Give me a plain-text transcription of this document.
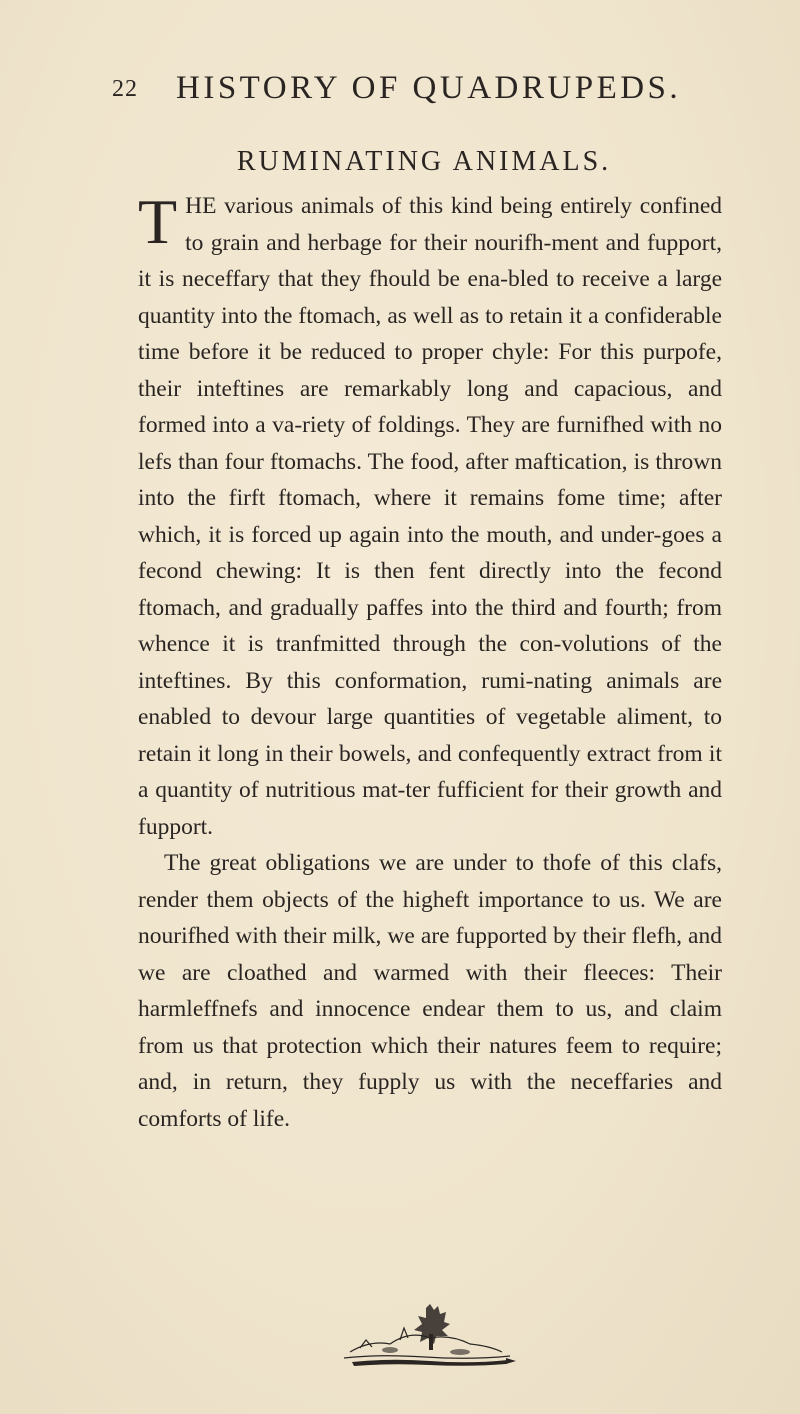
22 HISTORY OF QUADRUPEDS.
RUMINATING ANIMALS.

THE various animals of this kind being entirely confined to grain and herbage for their nourifh-ment and fupport, it is neceffary that they fhould be ena-bled to receive a large quantity into the ftomach, as well as to retain it a confiderable time before it be reduced to proper chyle: For this purpofe, their inteftines are remarkably long and capacious, and formed into a va-riety of foldings. They are furnifhed with no lefs than four ftomachs. The food, after maftication, is thrown into the firft ftomach, where it remains fome time; after which, it is forced up again into the mouth, and under-goes a fecond chewing: It is then fent directly into the fecond ftomach, and gradually paffes into the third and fourth; from whence it is tranfmitted through the con-volutions of the inteftines. By this conformation, rumi-nating animals are enabled to devour large quantities of vegetable aliment, to retain it long in their bowels, and confequently extract from it a quantity of nutritious mat-ter fufficient for their growth and fupport.

The great obligations we are under to thofe of this clafs, render them objects of the higheft importance to us. We are nourifhed with their milk, we are fupported by their flefh, and we are cloathed and warmed with their fleeces: Their harmleffnefs and innocence endear them to us, and claim from us that protection which their natures feem to require; and, in return, they fupply us with the neceffaries and comforts of life.
